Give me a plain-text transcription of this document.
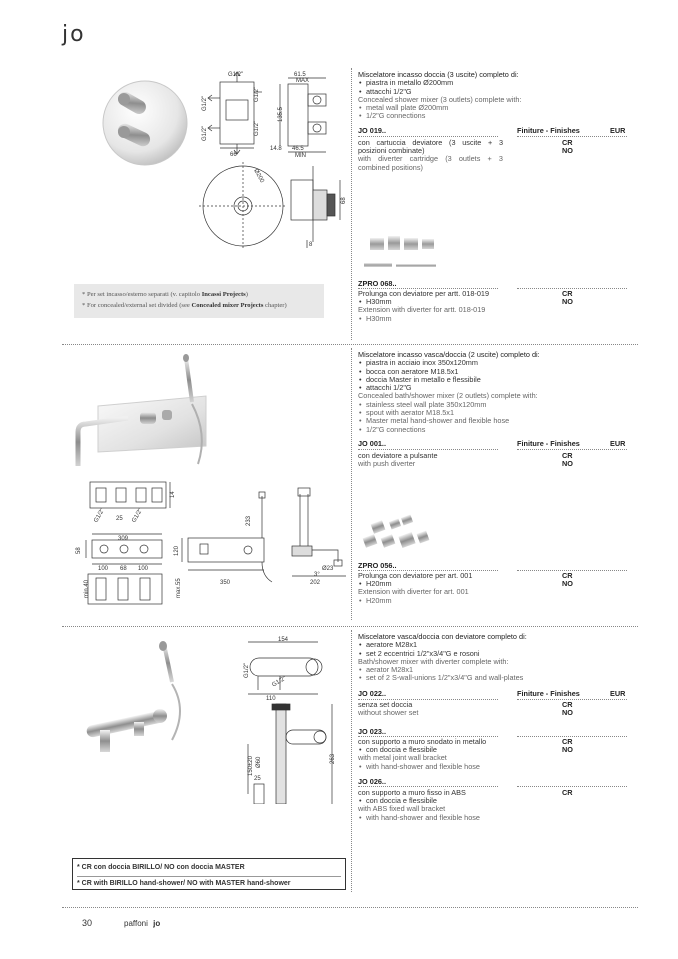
jo
G1/2"
G1/2"
G1/2"
G1/2"
G1/2"
61.5
MAX
135.5
66
14.8 46.5
MIN
Ø200
68
8
* Per set incasso/esterno separati (v. capitolo Incassi Projects)
* For concealed/external set divided (see Concealed mixer Projects chapter)
Miscelatore incasso doccia (3 uscite) completo di:
• piastra in metallo Ø200mm
• attacchi 1/2"G
Concealed shower mixer (3 outlets) complete with:
• metal wall plate Ø200mm
• 1/2"G connections
JO 019..	Finiture - Finishes	EUR
con cartuccia deviatore (3 uscite + 3 posizioni combinate)
with diverter cartridge (3 outlets + 3 combined positions)
CR
NO
ZPRO 068..
Prolunga con deviatore per artt. 018-019
• H30mm
Extension with diverter for artt. 018-019
• H30mm
CR
NO
G1/2" 25 G1/2"
14
309
58
100 68 100
120
233
350
Ø23
3°
202
min.40	max.55
Miscelatore incasso vasca/doccia (2 uscite) completo di:
• piastra in acciaio inox 350x120mm
• bocca con aeratore M18.5x1
• doccia Master in metallo e flessibile
• attacchi 1/2"G
Concealed bath/shower mixer (2 outlets) complete with:
• stainless steel wall plate 350x120mm
• spout with aerator M18.5x1
• Master metal hand-shower and flexible hose
• 1/2"G connections
JO 001..	Finiture - Finishes	EUR
con deviatore a pulsante
with push diverter
CR
NO
ZPRO 056..
Prolunga con deviatore per art. 001
• H20mm
Extension with diverter for art. 001
• H20mm
CR
NO
154
G1/2"
G1/2"
110
150±20 Ø60
25
263
* CR con doccia BIRILLO/ NO con doccia MASTER
* CR with BIRILLO hand-shower/ NO with MASTER hand-shower
Miscelatore vasca/doccia con deviatore completo di:
• aeratore M28x1
• set 2 eccentrici 1/2"x3/4"G e rosoni
Bath/shower mixer with diverter complete with:
• aerator M28x1
• set of 2 S-wall-unions 1/2"x3/4"G and wall-plates
JO 022..	Finiture - Finishes	EUR
senza set doccia
without shower set
CR
NO
JO 023..
con supporto a muro snodato in metallo
• con doccia e flessibile
with metal joint wall bracket
• with hand-shower and flexible hose
CR
NO
JO 026..
con supporto a muro fisso in ABS
• con doccia e flessibile
with ABS fixed wall bracket
• with hand-shower and flexible hose
CR
30	paffoni jo
